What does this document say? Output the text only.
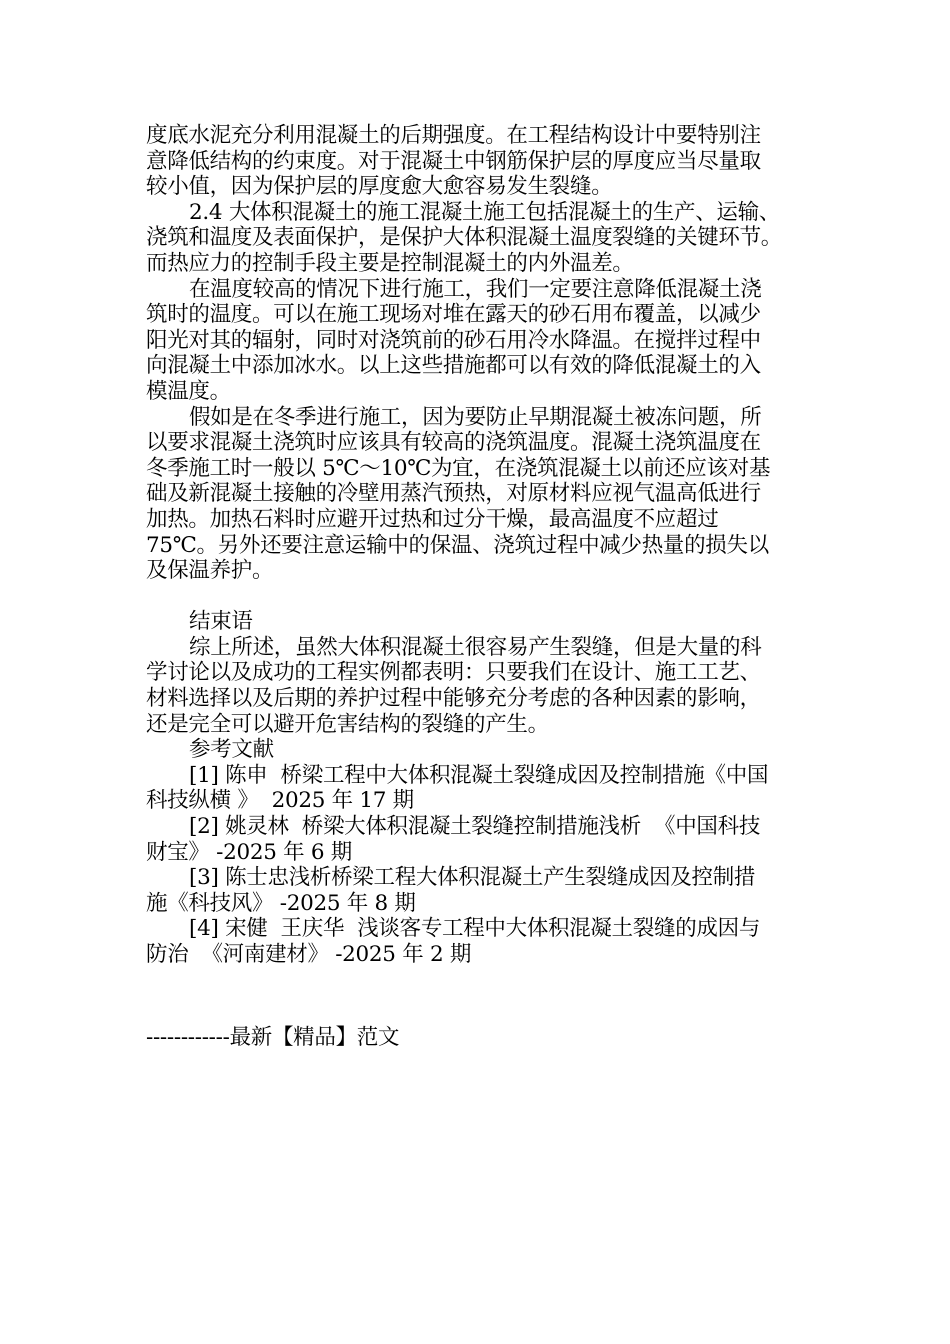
度底水泥充分利用混凝土的后期强度。在工程结构设计中要特别注
意降低结构的约束度。对于混凝土中钢筋保护层的厚度应当尽量取
较小值，因为保护层的厚度愈大愈容易发生裂缝。
2.4 大体积混凝土的施工混凝土施工包括混凝土的生产、运输、
浇筑和温度及表面保护，是保护大体积混凝土温度裂缝的关键环节。
而热应力的控制手段主要是控制混凝土的内外温差。
在温度较高的情况下进行施工，我们一定要注意降低混凝土浇
筑时的温度。可以在施工现场对堆在露天的砂石用布覆盖，以减少
阳光对其的辐射，同时对浇筑前的砂石用冷水降温。在搅拌过程中
向混凝土中添加冰水。以上这些措施都可以有效的降低混凝土的入
模温度。
假如是在冬季进行施工，因为要防止早期混凝土被冻问题，所
以要求混凝土浇筑时应该具有较高的浇筑温度。混凝土浇筑温度在
冬季施工时一般以 5℃～10℃为宜，在浇筑混凝土以前还应该对基
础及新混凝土接触的冷壁用蒸汽预热，对原材料应视气温高低进行
加热。加热石料时应避开过热和过分干燥，最高温度不应超过
75℃。另外还要注意运输中的保温、浇筑过程中减少热量的损失以
及保温养护。
结束语
综上所述，虽然大体积混凝土很容易产生裂缝，但是大量的科
学讨论以及成功的工程实例都表明：只要我们在设计、施工工艺、
材料选择以及后期的养护过程中能够充分考虑的各种因素的影响，
还是完全可以避开危害结构的裂缝的产生。
参考文献
[1] 陈申  桥梁工程中大体积混凝土裂缝成因及控制措施《中国
科技纵横 》  2025 年 17 期
[2] 姚灵林  桥梁大体积混凝土裂缝控制措施浅析  《中国科技
财宝》 -2025 年 6 期
[3] 陈士忠浅析桥梁工程大体积混凝土产生裂缝成因及控制措
施《科技风》 -2025 年 8 期
[4] 宋健  王庆华  浅谈客专工程中大体积混凝土裂缝的成因与
防治  《河南建材》 -2025 年 2 期
------------最新【精品】范文
